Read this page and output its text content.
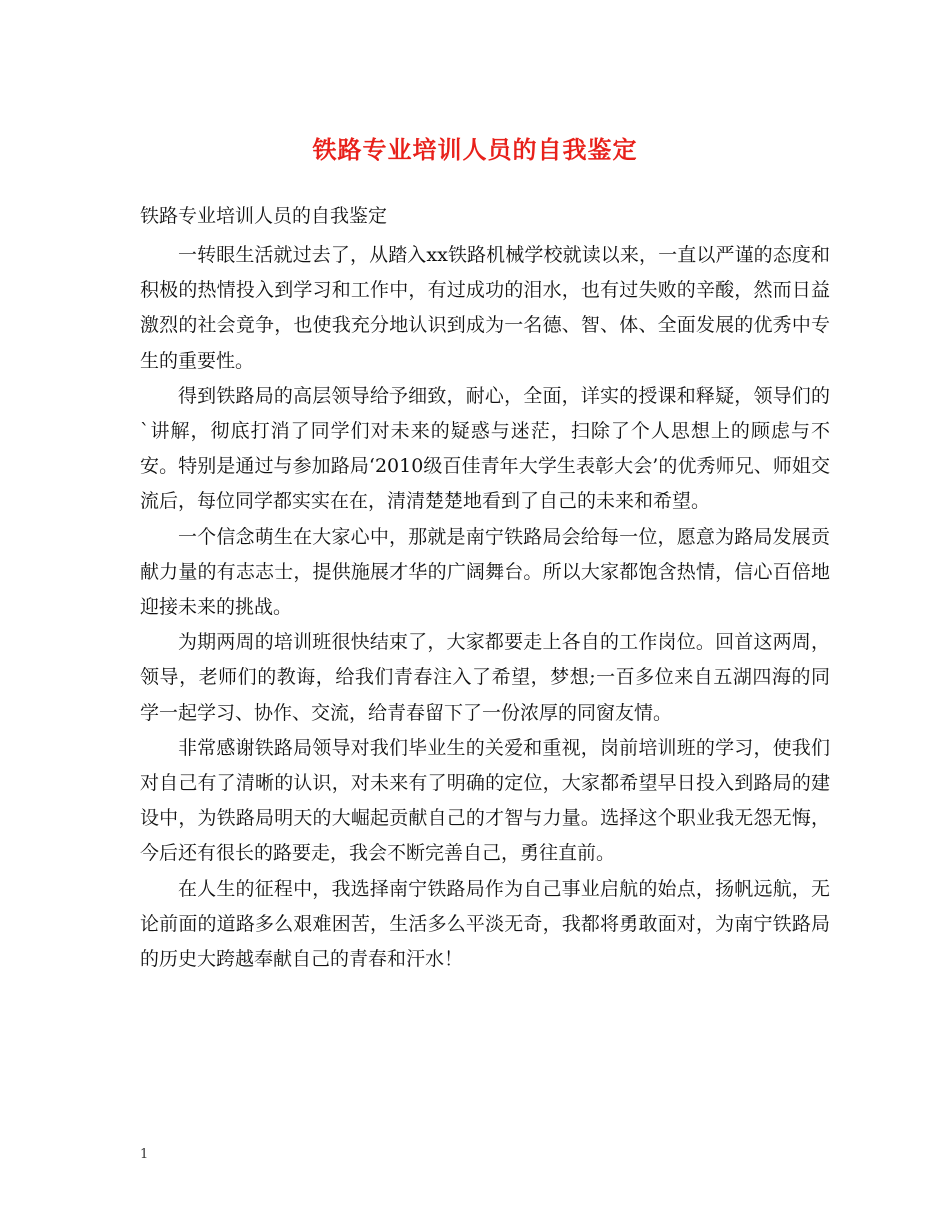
铁路专业培训人员的自我鉴定
铁路专业培训人员的自我鉴定

一转眼生活就过去了，从踏入xx铁路机械学校就读以来，一直以严谨的态度和积极的热情投入到学习和工作中，有过成功的泪水，也有过失败的辛酸，然而日益激烈的社会竟争，也使我充分地认识到成为一名德、智、体、全面发展的优秀中专生的重要性。

得到铁路局的高层领导给予细致，耐心，全面，详实的授课和释疑，领导们的`讲解，彻底打消了同学们对未来的疑惑与迷茫，扫除了个人思想上的顾虑与不安。特别是通过与参加路局‘2010级百佳青年大学生表彰大会’的优秀师兄、师姐交流后，每位同学都实实在在，清清楚楚地看到了自己的未来和希望。

一个信念萌生在大家心中，那就是南宁铁路局会给每一位，愿意为路局发展贡献力量的有志志士，提供施展才华的广阔舞台。所以大家都饱含热情，信心百倍地迎接未来的挑战。

为期两周的培训班很快结束了，大家都要走上各自的工作岗位。回首这两周，领导，老师们的教诲，给我们青春注入了希望，梦想;一百多位来自五湖四海的同学一起学习、协作、交流，给青春留下了一份浓厚的同窗友情。

非常感谢铁路局领导对我们毕业生的关爱和重视，岗前培训班的学习，使我们对自己有了清晰的认识，对未来有了明确的定位，大家都希望早日投入到路局的建设中，为铁路局明天的大崛起贡献自己的才智与力量。选择这个职业我无怨无悔，今后还有很长的路要走，我会不断完善自己，勇往直前。

在人生的征程中，我选择南宁铁路局作为自己事业启航的始点，扬帆远航，无论前面的道路多么艰难困苦，生活多么平淡无奇，我都将勇敢面对，为南宁铁路局的历史大跨越奉献自己的青春和汗水！

1
